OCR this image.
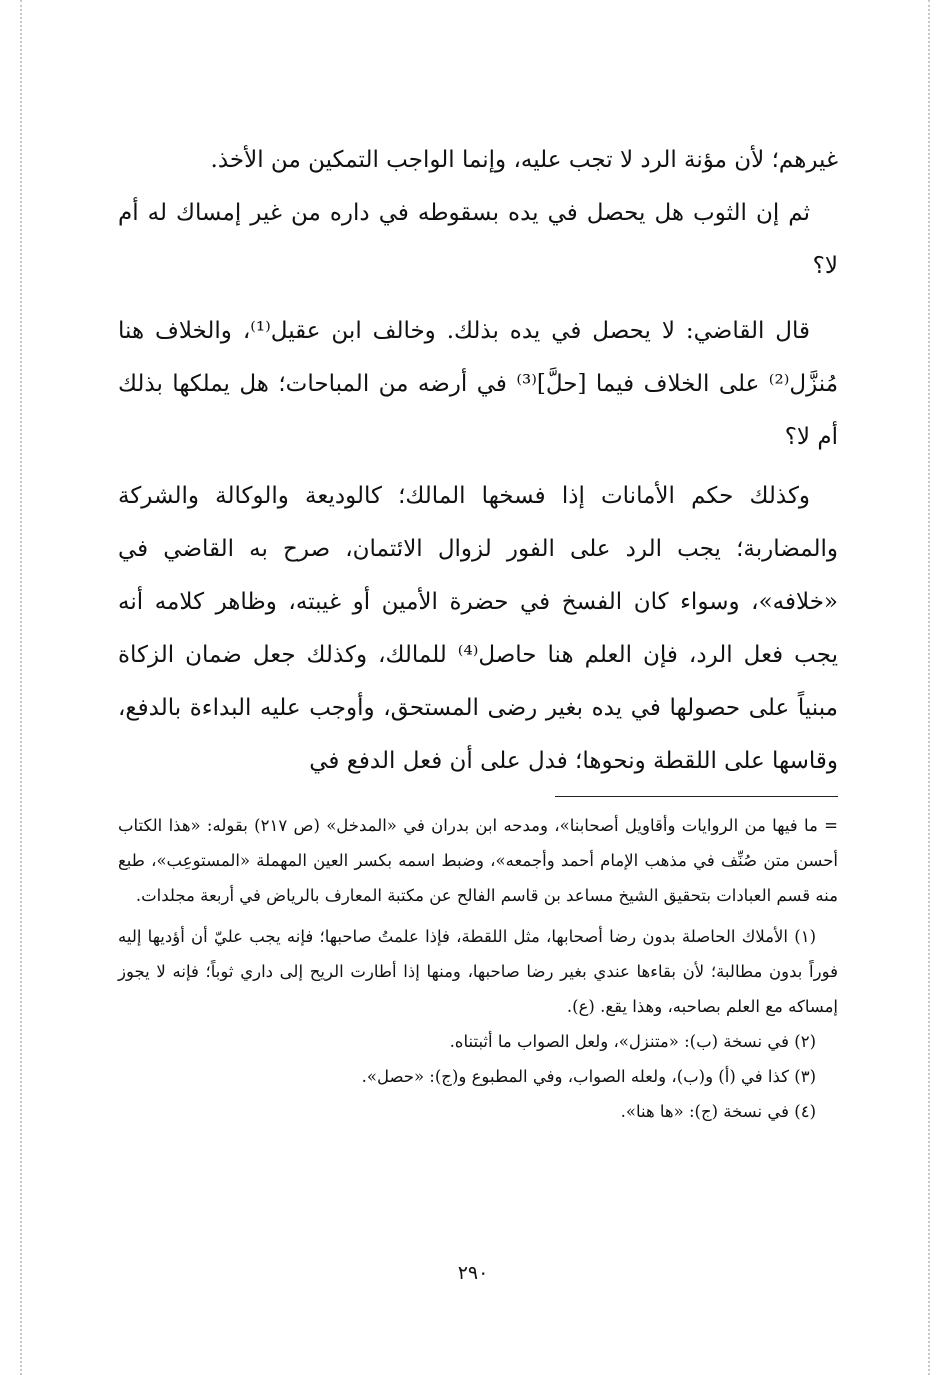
غيرهم؛ لأن مؤنة الرد لا تجب عليه، وإنما الواجب التمكين من الأخذ.

ثم إن الثوب هل يحصل في يده بسقوطه في داره من غير إمساك له أم لا؟

قال القاضي: لا يحصل في يده بذلك. وخالف ابن عقيل⁽¹⁾، والخلاف هنا مُنزَّل⁽²⁾ على الخلاف فيما [حلَّ]⁽³⁾ في أرضه من المباحات؛ هل يملكها بذلك أم لا؟

وكذلك حكم الأمانات إذا فسخها المالك؛ كالوديعة والوكالة والشركة والمضاربة؛ يجب الرد على الفور لزوال الائتمان، صرح به القاضي في «خلافه»، وسواء كان الفسخ في حضرة الأمين أو غيبته، وظاهر كلامه أنه يجب فعل الرد، فإن العلم هنا حاصل⁽⁴⁾ للمالك، وكذلك جعل ضمان الزكاة مبنياً على حصولها في يده بغير رضى المستحق، وأوجب عليه البداءة بالدفع، وقاسها على اللقطة ونحوها؛ فدل على أن فعل الدفع في

= ما فيها من الروايات وأقاويل أصحابنا»، ومدحه ابن بدران في «المدخل» (ص ٢١٧) بقوله: «هذا الكتاب أحسن متن صُنِّف في مذهب الإمام أحمد وأجمعه»، وضبط اسمه بكسر العين المهملة «المستوعِب»، طبع منه قسم العبادات بتحقيق الشيخ مساعد بن قاسم الفالح عن مكتبة المعارف بالرياض في أربعة مجلدات.

(١) الأملاك الحاصلة بدون رضا أصحابها، مثل اللقطة، فإذا علمتُ صاحبها؛ فإنه يجب عليّ أن أؤديها إليه فوراً بدون مطالبة؛ لأن بقاءها عندي بغير رضا صاحبها، ومنها إذا أطارت الريح إلى داري ثوباً؛ فإنه لا يجوز إمساكه مع العلم بصاحبه، وهذا يقع. (ع).

(٢) في نسخة (ب): «متنزل»، ولعل الصواب ما أثبتناه.

(٣) كذا في (أ) و(ب)، ولعله الصواب، وفي المطبوع و(ج): «حصل».

(٤) في نسخة (ج): «ها هنا».

٢٩٠
